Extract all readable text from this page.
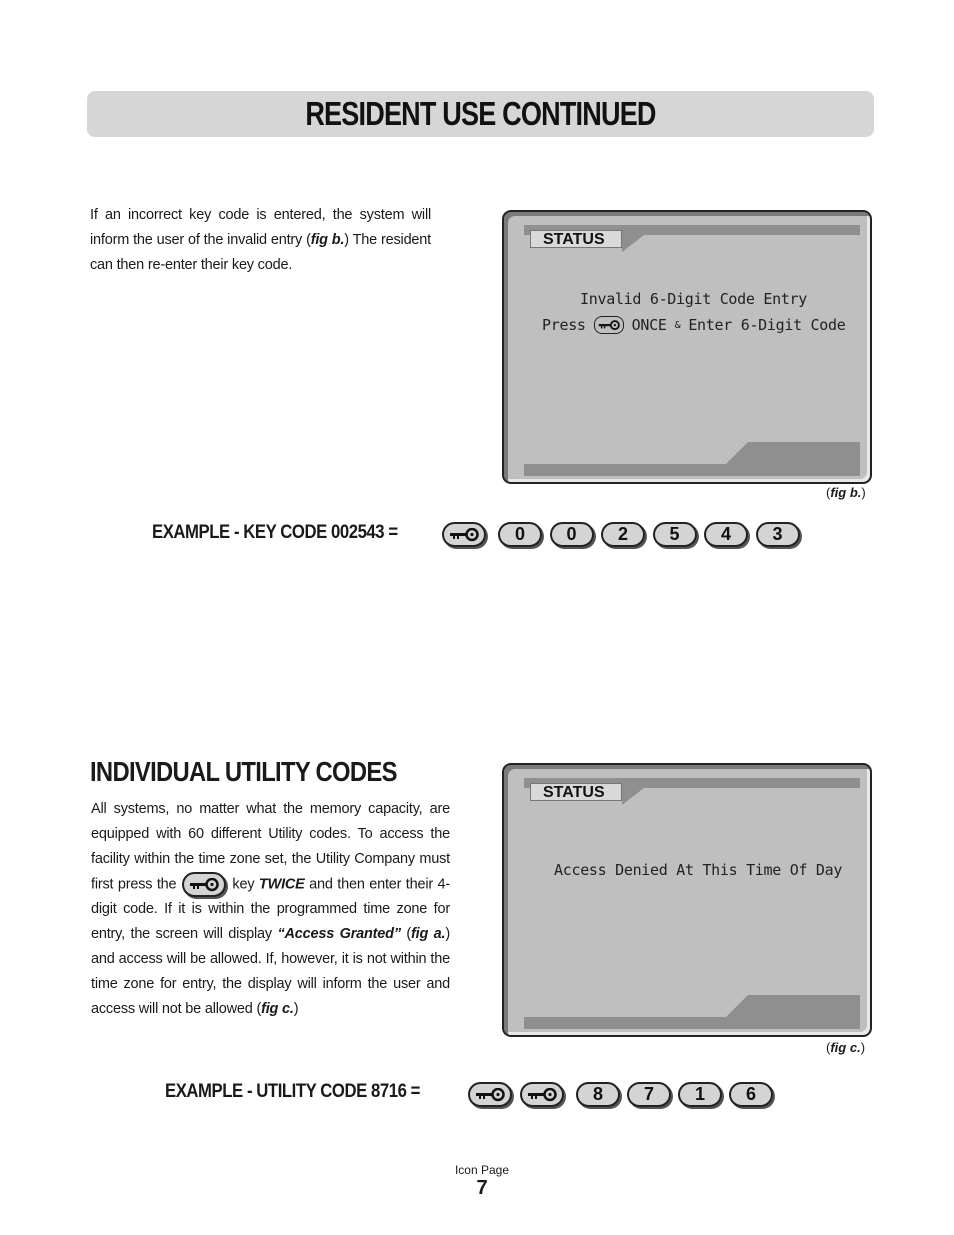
RESIDENT USE CONTINUED
If an incorrect key code is entered, the system will inform the user of the invalid entry (fig b.) The resident can then re-enter their key code.
STATUS
Invalid 6-Digit Code Entry
Press	ONCE & Enter 6-Digit Code
(fig b.)
EXAMPLE - KEY CODE 002543 =	0	0	2	5	4	3
INDIVIDUAL UTILITY CODES
All systems, no matter what the memory capacity, are equipped with 60 different Utility codes. To access the facility within the time zone set, the Utility Company must first press the	key TWICE and then enter their 4-digit code. If it is within the programmed time zone for entry, the screen will display “Access Granted” (fig a.) and access will be allowed. If, however, it is not within the time zone for entry, the display will inform the user and access will not be allowed (fig c.)
STATUS
Access Denied At This Time Of Day
(fig c.)
EXAMPLE - UTILITY CODE 8716 =	8	7	1	6
Icon Page
7
